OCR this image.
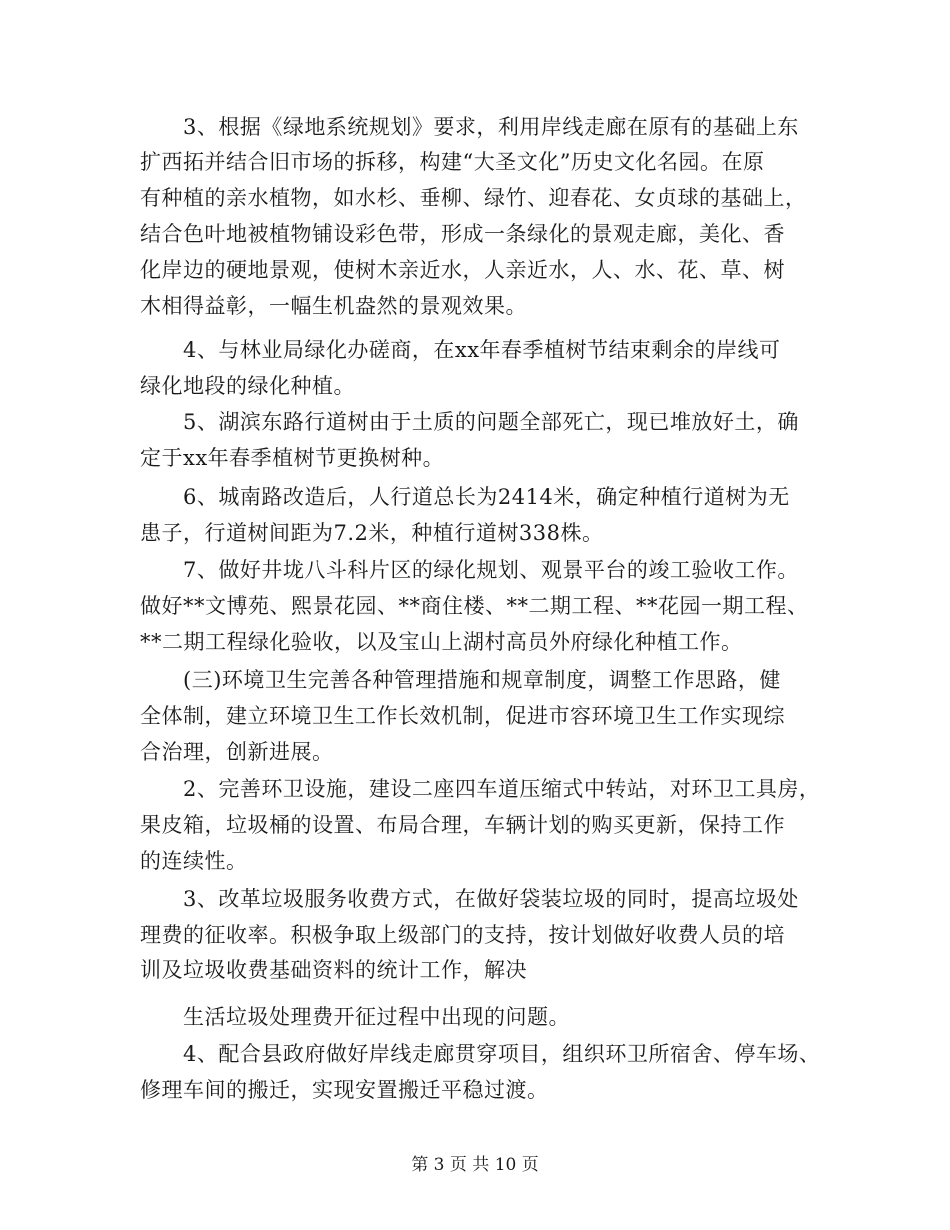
　　3、根据《绿地系统规划》要求，利用岸线走廊在原有的基础上东
扩西拓并结合旧市场的拆移，构建“大圣文化”历史文化名园。在原
有种植的亲水植物，如水杉、垂柳、绿竹、迎春花、女贞球的基础上，
结合色叶地被植物铺设彩色带，形成一条绿化的景观走廊，美化、香
化岸边的硬地景观，使树木亲近水，人亲近水，人、水、花、草、树
木相得益彰，一幅生机盎然的景观效果。
　　4、与林业局绿化办磋商，在xx年春季植树节结束剩余的岸线可
绿化地段的绿化种植。
　　5、湖滨东路行道树由于土质的问题全部死亡，现已堆放好土，确
定于xx年春季植树节更换树种。
　　6、城南路改造后，人行道总长为2414米，确定种植行道树为无
患子，行道树间距为7.2米，种植行道树338株。
　　7、做好井垅八斗科片区的绿化规划、观景平台的竣工验收工作。
做好**文博苑、熙景花园、**商住楼、**二期工程、**花园一期工程、
**二期工程绿化验收，以及宝山上湖村高员外府绿化种植工作。
　　(三)环境卫生完善各种管理措施和规章制度，调整工作思路，健
全体制，建立环境卫生工作长效机制，促进市容环境卫生工作实现综
合治理，创新进展。
　　2、完善环卫设施，建设二座四车道压缩式中转站，对环卫工具房，
果皮箱，垃圾桶的设置、布局合理，车辆计划的购买更新，保持工作
的连续性。
　　3、改革垃圾服务收费方式，在做好袋装垃圾的同时，提高垃圾处
理费的征收率。积极争取上级部门的支持，按计划做好收费人员的培
训及垃圾收费基础资料的统计工作，解决
　　生活垃圾处理费开征过程中出现的问题。
　　4、配合县政府做好岸线走廊贯穿项目，组织环卫所宿舍、停车场、
修理车间的搬迁，实现安置搬迁平稳过渡。
第 3 页 共 10 页
